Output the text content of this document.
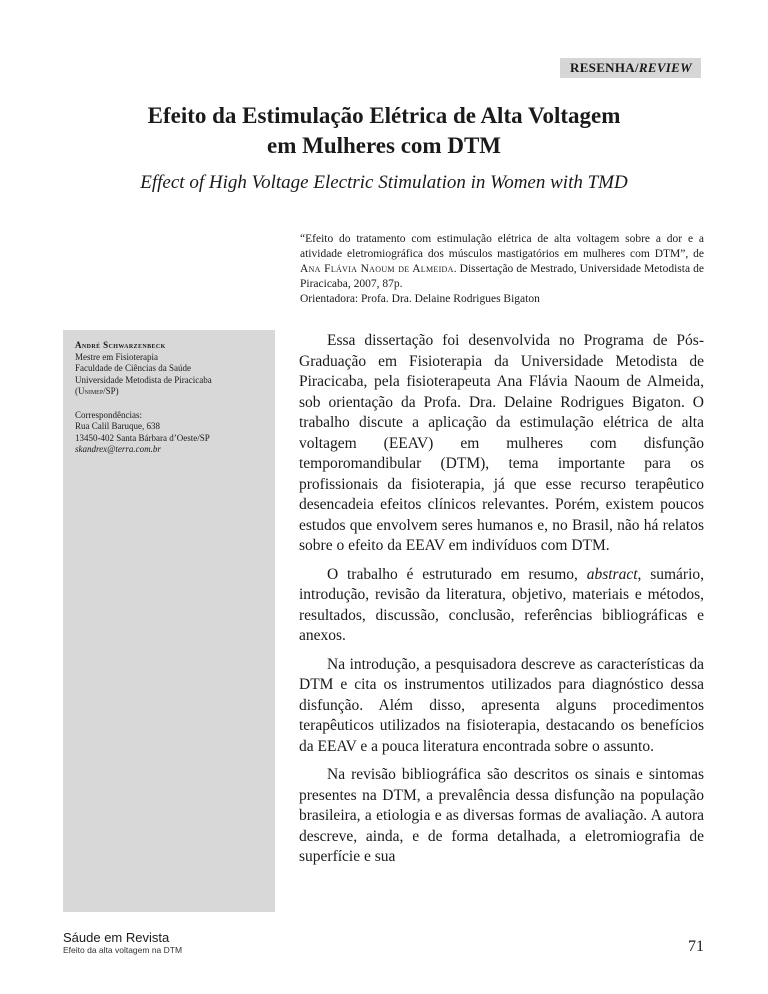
RESENHA/REVIEW
Efeito da Estimulação Elétrica de Alta Voltagem
em Mulheres com DTM

Effect of High Voltage Electric Stimulation in Women with TMD

“Efeito do tratamento com estimulação elétrica de alta voltagem sobre a dor e a atividade eletromiográfica dos músculos mastigatórios em mulheres com DTM”, de Ana Flávia Naoum de Almeida. Dissertação de Mestrado, Universidade Metodista de Piracicaba, 2007, 87p.
Orientadora: Profa. Dra. Delaine Rodrigues Bigaton
André Schwarzenbeck
Mestre em Fisioterapia
Faculdade de Ciências da Saúde
Universidade Metodista de Piracicaba
(Unimep/SP)
Correspondências:
Rua Calil Baruque, 638
13450-402 Santa Bárbara d’Oeste/SP
skandrex@terra.com.br

Essa dissertação foi desenvolvida no Programa de Pós-Graduação em Fisioterapia da Universidade Metodista de Piracicaba, pela fisioterapeuta Ana Flávia Naoum de Almeida, sob orientação da Profa. Dra. Delaine Rodrigues Bigaton. O trabalho discute a aplicação da estimulação elétrica de alta voltagem (EEAV) em mulheres com disfunção temporomandibular (DTM), tema importante para os profissionais da fisioterapia, já que esse recurso terapêutico desencadeia efeitos clínicos relevantes. Porém, existem poucos estudos que envolvem seres humanos e, no Brasil, não há relatos sobre o efeito da EEAV em indivíduos com DTM.

O trabalho é estruturado em resumo, abstract, sumário, introdução, revisão da literatura, objetivo, materiais e métodos, resultados, discussão, conclusão, referências bibliográficas e anexos.

Na introdução, a pesquisadora descreve as características da DTM e cita os instrumentos utilizados para diagnóstico dessa disfunção. Além disso, apresenta alguns procedimentos terapêuticos utilizados na fisioterapia, destacando os benefícios da EEAV e a pouca literatura encontrada sobre o assunto.

Na revisão bibliográfica são descritos os sinais e sintomas presentes na DTM, a prevalência dessa disfunção na população brasileira, a etiologia e as diversas formas de avaliação. A autora descreve, ainda, e de forma detalhada, a eletromiografia de superfície e sua

Sáude em Revista
Efeito da alta voltagem na DTM	71
